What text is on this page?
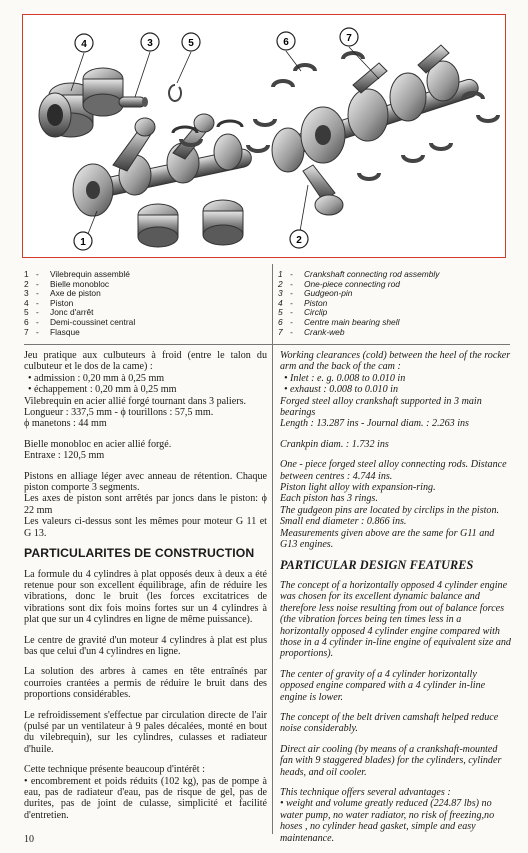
4	3	5	6	7
1	2
1 -	Vilebrequin assemblé
2 -	Bielle monobloc
3 -	Axe de piston
4 -	Piston
5 -	Jonc d'arrêt
6 -	Demi-coussinet central
7 -	Flasque
1 -	Crankshaft connecting rod assembly
2 -	One-piece connecting rod
3 -	Gudgeon-pin
4 -	Piston
5 -	Circlip
6 -	Centre main bearing shell
7 -	Crank-web

Jeu pratique aux culbuteurs à froid (entre le talon du culbuteur et le dos de la came) :
• admission : 0,20 mm à 0,25 mm
• échappement : 0,20 mm à 0,25 mm
Vilebrequin en acier allié forgé tournant dans 3 paliers.
Longueur : 337,5 mm - ϕ tourillons : 57,5 mm.
ϕ manetons : 44 mm

Bielle monobloc en acier allié forgé.
Entraxe : 120,5 mm

Pistons en alliage léger avec anneau de rétention. Chaque piston comporte 3 segments.
Les axes de piston sont arrêtés par joncs dans le piston: ϕ 22 mm
Les valeurs ci-dessus sont les mêmes pour moteur G 11 et G 13.

PARTICULARITES DE CONSTRUCTION

La formule du 4 cylindres à plat opposés deux à deux a été retenue pour son excellent équilibrage, afin de réduire les vibrations, donc le bruit (les forces excitatrices de vibrations sont dix fois moins fortes sur un 4 cylindres à plat que sur un 4 cylindres en ligne de même puissance).

Le centre de gravité d'un moteur 4 cylindres à plat est plus bas que celui d'un 4 cylindres en ligne.

La solution des arbres à cames en tête entraînés par courroies crantées a permis de réduire le bruit dans des proportions considérables.

Le refroidissement s'effectue par circulation directe de l'air (pulsé par un ventilateur à 9 pales décalées, monté en bout du vilebrequin), sur les cylindres, culasses et radiateur d'huile.

Cette technique présente beaucoup d'intérêt :
• encombrement et poids réduits (102 kg), pas de pompe à eau, pas de radiateur d'eau, pas de risque de gel, pas de durites, pas de joint de culasse, simplicité et facilité d'entretien.

Working clearances (cold) between the heel of the rocker arm and the back of the cam :
• Inlet : e. g. 0.008 to 0.010 in
• exhaust : 0.008 to 0.010 in
Forged steel alloy crankshaft supported in 3 main bearings
Length : 13.287 ins - Journal diam. : 2.263 ins

Crankpin diam. : 1.732 ins

One - piece forged steel alloy connecting rods. Distance between centres : 4.744 ins.
Piston light alloy with expansion-ring.
Each piston has 3 rings.
The gudgeon pins are located by circlips in the piston. Small end diameter : 0.866 ins.
Measurements given above are the same for G11 and G13 engines.

PARTICULAR DESIGN FEATURES

The concept of a horizontally opposed 4 cylinder engine was chosen for its excellent dynamic balance and therefore less noise resulting from out of balance forces (the vibration forces being ten times less in a horizontally opposed 4 cylinder engine compared with those in a 4 cylinder in-line engine of equivalent size and proportions).

The center of gravity of a 4 cylinder horizontally opposed engine compared with a 4 cylinder in-line engine is lower.

The concept of the belt driven camshaft helped reduce noise considerably.

Direct air cooling (by means of a crankshaft-mounted fan with 9 staggered blades) for the cylinders, cylinder heads, and oil cooler.

This technique offers several advantages :
• weight and volume greatly reduced (224.87 lbs) no water pump, no water radiator, no risk of freezing,no hoses , no cylinder head gasket, simple and easy maintenance.

10
